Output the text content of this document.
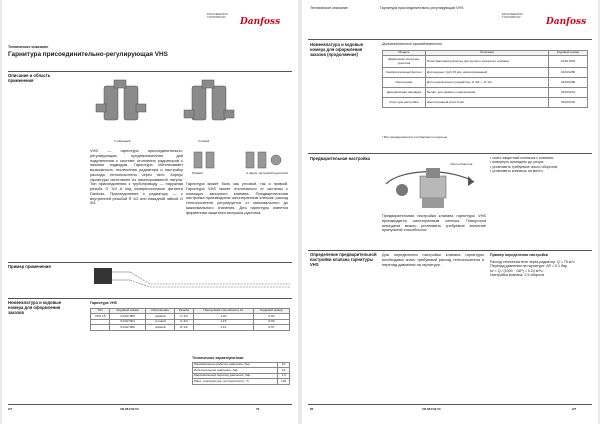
ENGINEERING
TOMORROW Danfoss
Техническое описание
Гарнитура присоединительно-регулирующая VHS
Описание и область применения
У-образный	Угловой
VHS — гарнитура присоединительно-регулирующая, предназначенная для подключения к системе отопления радиаторов с нижним подводом. Гарнитура обеспечивает возможность отключения радиатора и настройку расхода теплоносителя через него. Корпус гарнитуры изготовлен из никелированной латуни. Тип присоединения к трубопроводу — наружная резьба G 3/4 A под компрессионные фитинги Danfoss. Присоединение к радиатору — с внутренней резьбой R 1/2 или накидной гайкой G 3/4.
Прямой	С фирм. заглушкой-рукояткой
Гарнитура может быть как угловой, так и прямой. Гарнитура VHS может отключаться от системы с помощью запорного клапана. Предварительная настройка производится шестигранным ключом; расход теплоносителя регулируется от минимального до максимального значения. Для гарнитуры имеется фирменная защитная заглушка-рукоятка.
Пример применения
Номенклатура и кодовые номера для оформления заказов
Гарнитура VHS
Тип	Кодовый номер	Исполнение	Резьба	Пропускная способность kv	Кодовый номер
VHS 15	013G7900	прямой	G 3/4	1.20	0.62
	013G7901	угловой	G 3/4	1.15	0.60
	013G7902	прямой	R 1/2	1.10	0.57
Технические характеристики
Максимальное рабочее давление, бар	10
Испытательное давление, бар	16
Максимальный перепад давления, бар	1.0
Макс. температура теплоносителя, °C	120
2/7	VD.58.F02.50	79
Техническое описание	Гарнитура присоединительно-регулирующая VHS
ENGINEERING
TOMORROW	Danfoss
Номенклатура и кодовые номера для оформления заказов (продолжение)
Дополнительные принадлежности
Модель	Описание	Кодовый номер
Фирменная заглушка-рукоятка	Пластмассовая рукоятка для ручного запорного клапана	013G7904
Компрессионный фитинг	Для медных труб 15 мм, никелированный	013U0286
Переходник	Для подключения к радиатору, G 3/4 — R 1/2	013U0288
Декоративная накладка	Белая, для нижнего подключения	013U0231
Ключ для настройки	Шестигранный ключ 6 мм	013U0232
* Все принадлежности поставляются отдельно.
Предварительная настройка
Число оборотов
• снять защитный колпачок с клапана;
• повернуть шпиндель до упора;
• установить требуемое число оборотов;
• установить колпачок на место.
Предварительная настройка клапана гарнитуры VHS производится шестигранным ключом. Поворотом шпинделя можно установить требуемое значение пропускной способности.
Определение предварительной настройки клапана гарнитуры VHS
Для определения настройки клапана гарнитуры необходимо знать требуемый расход теплоносителя и перепад давления на гарнитуре.
Пример определения настройки
Расход теплоносителя через радиатор: Q = 75 кг/ч
Перепад давления на гарнитуре: ΔP = 0.1 бар
kv = Q / (1000 · √ΔP) = 0.24 м³/ч
Настройка клапана: 2.5 оборота
80	VD.58.F02.50	2/7
